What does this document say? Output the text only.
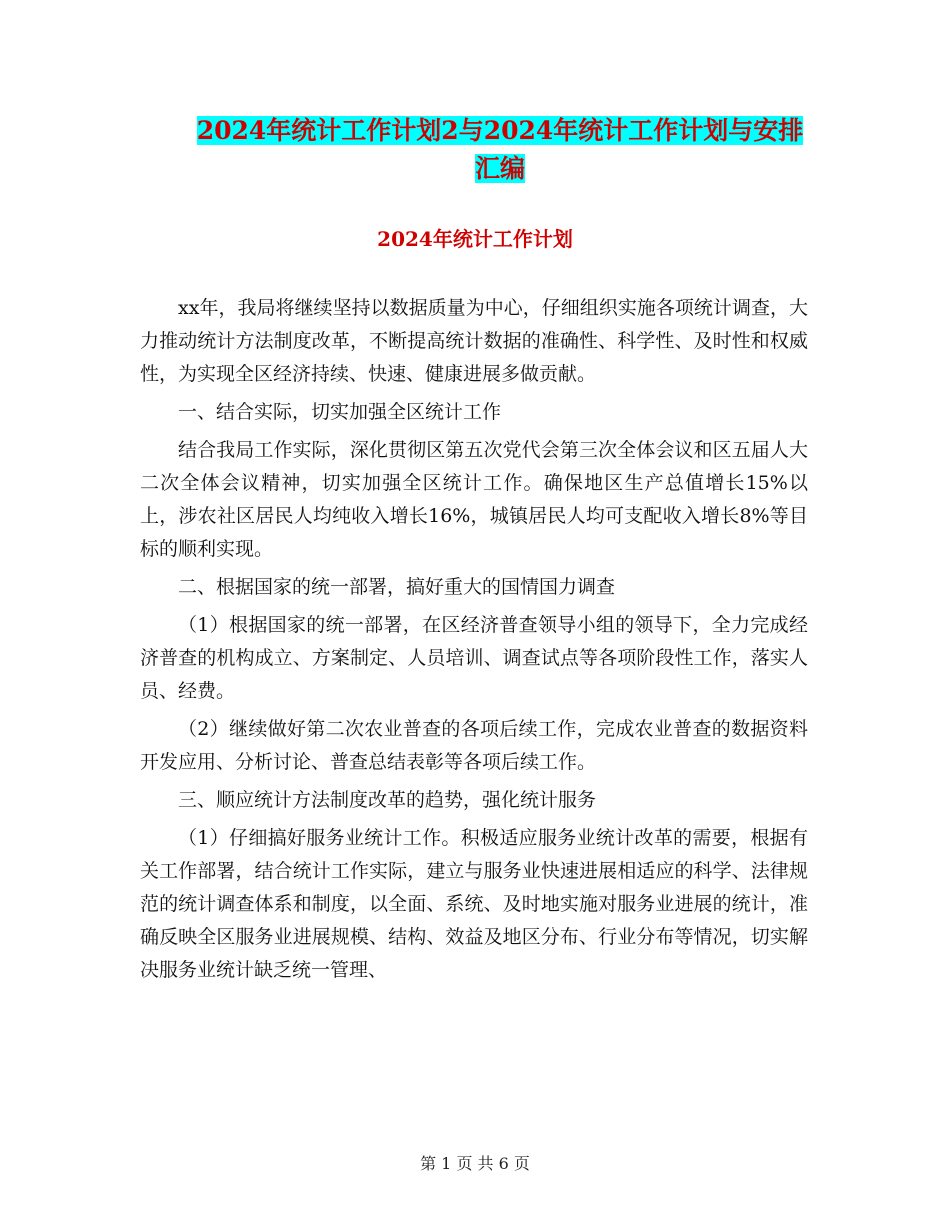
2024年统计工作计划2与2024年统计工作计划与安排
汇编
2024年统计工作计划

xx年，我局将继续坚持以数据质量为中心，仔细组织实施各项统计调查，大力推动统计方法制度改革，不断提高统计数据的准确性、科学性、及时性和权威性，为实现全区经济持续、快速、健康进展多做贡献。

一、结合实际，切实加强全区统计工作

结合我局工作实际，深化贯彻区第五次党代会第三次全体会议和区五届人大二次全体会议精神，切实加强全区统计工作。确保地区生产总值增长15%以上，涉农社区居民人均纯收入增长16%，城镇居民人均可支配收入增长8%等目标的顺利实现。

二、根据国家的统一部署，搞好重大的国情国力调查

（1）根据国家的统一部署，在区经济普查领导小组的领导下，全力完成经济普查的机构成立、方案制定、人员培训、调查试点等各项阶段性工作，落实人员、经费。

（2）继续做好第二次农业普查的各项后续工作，完成农业普查的数据资料开发应用、分析讨论、普查总结表彰等各项后续工作。

三、顺应统计方法制度改革的趋势，强化统计服务

（1）仔细搞好服务业统计工作。积极适应服务业统计改革的需要，根据有关工作部署，结合统计工作实际，建立与服务业快速进展相适应的科学、法律规范的统计调查体系和制度，以全面、系统、及时地实施对服务业进展的统计，准确反映全区服务业进展规模、结构、效益及地区分布、行业分布等情况，切实解决服务业统计缺乏统一管理、

第 1 页 共 6 页
